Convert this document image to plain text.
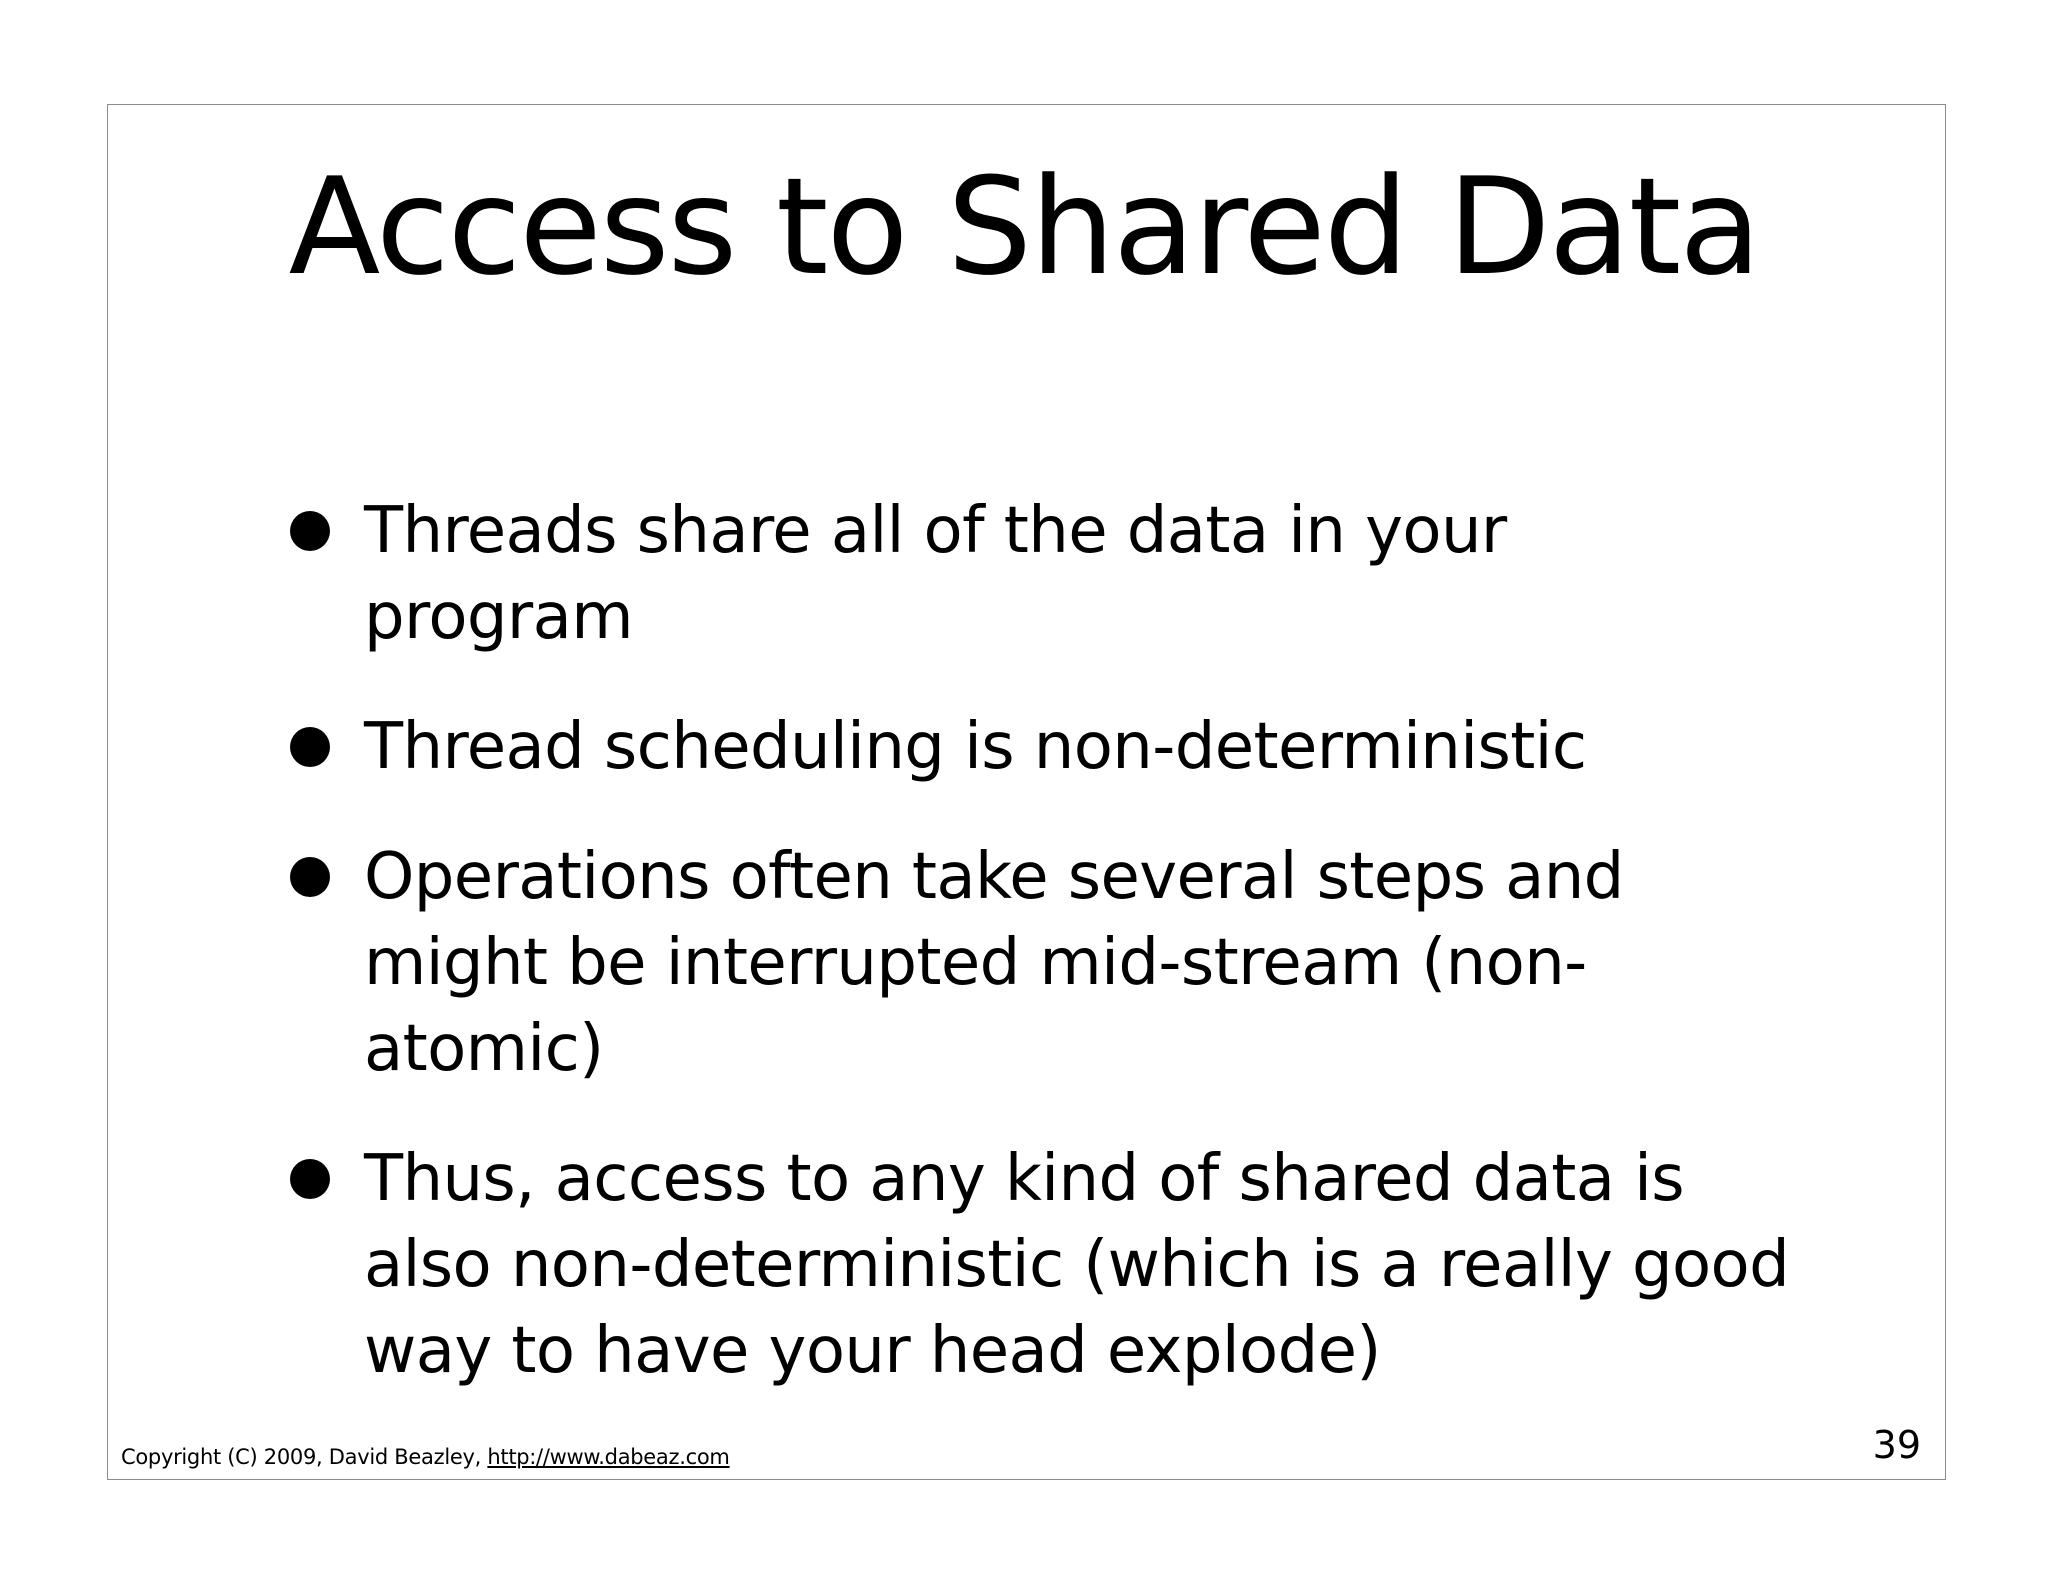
Access to Shared Data
Threads share all of the data in your program
Thread scheduling is non-deterministic
Operations often take several steps and might be interrupted mid-stream (non-atomic)
Thus, access to any kind of shared data is also non-deterministic (which is a really good way to have your head explode)
Copyright (C) 2009, David Beazley, http://www.dabeaz.com	39
